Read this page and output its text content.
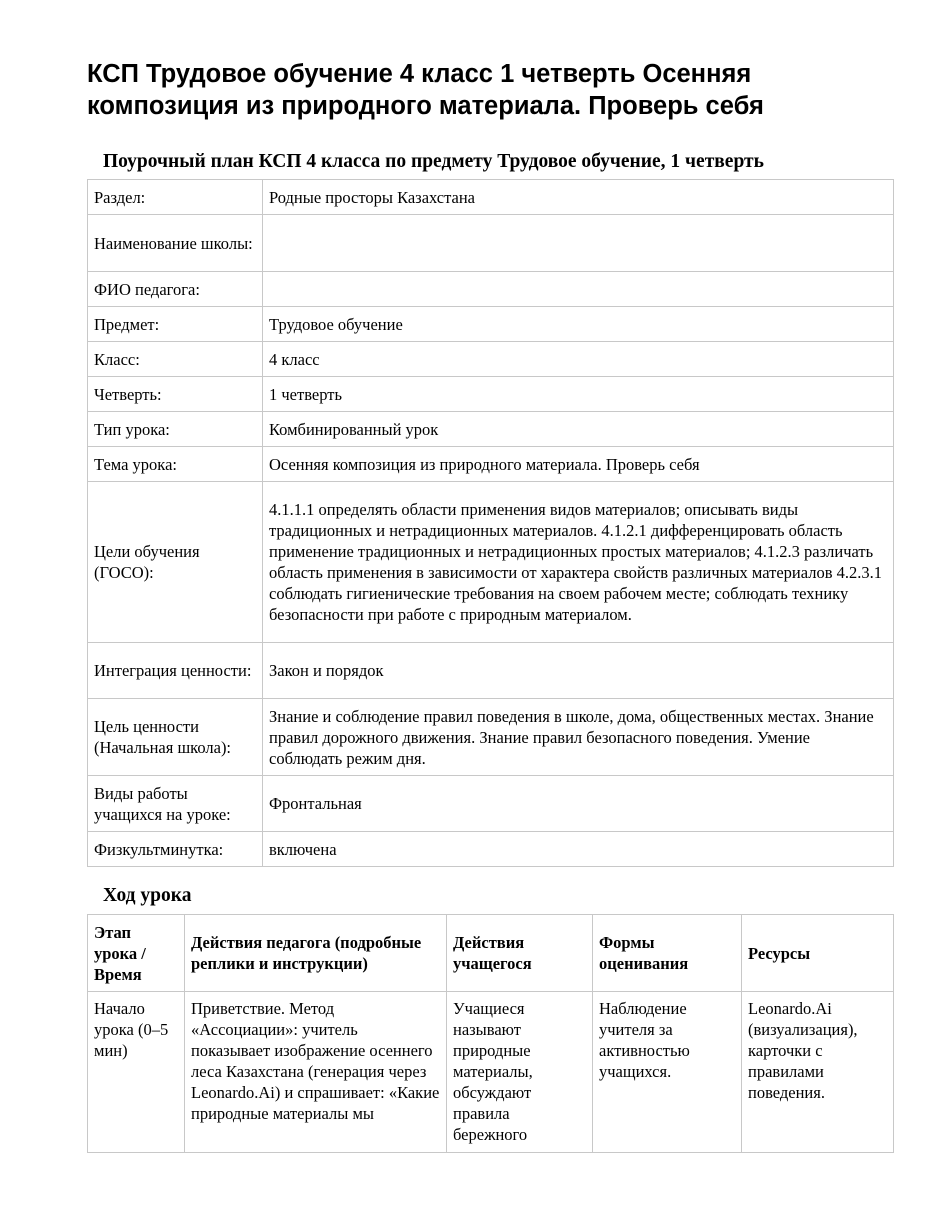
КСП Трудовое обучение 4 класс 1 четверть Осенняя композиция из природного материала. Проверь себя
Поурочный план КСП 4 класса по предмету Трудовое обучение, 1 четверть
Раздел:	Родные просторы Казахстана
Наименование школы:	
ФИО педагога:	
Предмет:	Трудовое обучение
Класс:	4 класс
Четверть:	1 четверть
Тип урока:	Комбинированный урок
Тема урока:	Осенняя композиция из природного материала. Проверь себя
Цели обучения (ГОСО):	4.1.1.1 определять области применения видов материалов; описывать виды традиционных и нетрадиционных материалов. 4.1.2.1 дифференцировать область применение традиционных и нетрадиционных простых материалов; 4.1.2.3 различать область применения в зависимости от характера свойств различных материалов 4.2.3.1 соблюдать гигиенические требования на своем рабочем месте; соблюдать технику безопасности при работе с природным материалом.
Интеграция ценности:	Закон и порядок
Цель ценности (Начальная школа):	Знание и соблюдение правил поведения в школе, дома, общественных местах. Знание правил дорожного движения. Знание правил безопасного поведения. Умение соблюдать режим дня.
Виды работы учащихся на уроке:	Фронтальная
Физкультминутка:	включена
Ход урока
Этап урока / Время	Действия педагога (подробные реплики и инструкции)	Действия учащегося	Формы оценивания	Ресурсы
Начало урока (0–5 мин)	Приветствие. Метод «Ассоциации»: учитель показывает изображение осеннего леса Казахстана (генерация через Leonardo.Ai) и спрашивает: «Какие природные материалы мы	Учащиеся называют природные материалы, обсуждают правила бережного	Наблюдение учителя за активностью учащихся.	Leonardo.Ai (визуализация), карточки с правилами поведения.
